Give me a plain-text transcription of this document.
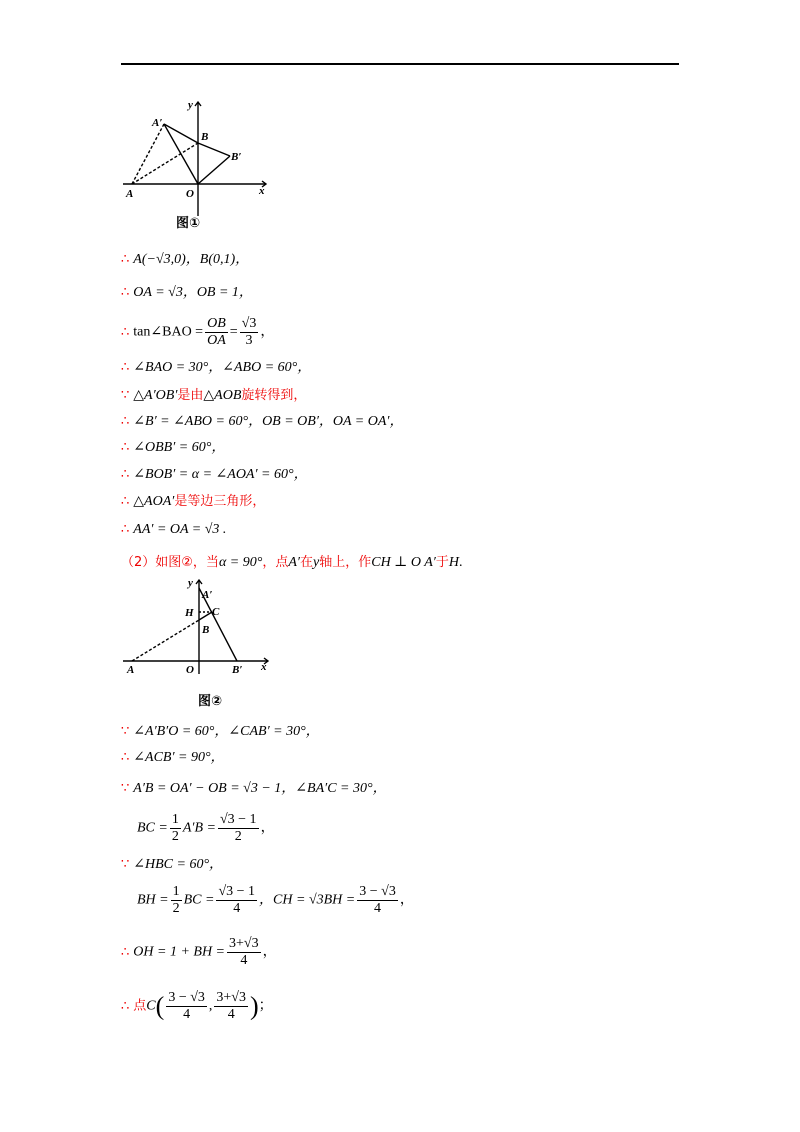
y
x
A	O
B
A′
B′
图①
∴ A(−√3,0)，B(0,1)，
∴ OA = √3，OB = 1，
∴ tan∠BAO = $\frac{OB}{OA} = \frac{√3}{3}$ ，
∴ ∠BAO = 30°，∠ABO = 60°，
∵ △A′OB′是由△AOB旋转得到，
∴ ∠B′ = ∠ABO = 60°，OB = OB′，OA = OA′，
∴ ∠OBB′ = 60°，
∴ ∠BOB′ = α = ∠AOA′ = 60°，
∴ △AOA′是等边三角形，
∴ AA′ = OA = √3 .
（2）如图②，当α = 90°，点A′在y轴上，作CH ⊥ O A′于H.
y
x
A	O
B
A′
B′
H C
图②
∵ ∠A′B′O = 60°，∠CAB′ = 30°，
∴ ∠ACB′ = 90°，
∵ A′B = OA′ − OB = √3 − 1，∠BA′C = 30°，
BC = $\frac{1}{2} A'B = \frac{√3 - 1}{2}$ ，
∵ ∠HBC = 60°，
BH = $\frac{1}{2}$ BC = $\frac{√3 - 1}{4}$ ，CH = $√3BH = \frac{3 - √3}{4}$ ，
∴ OH = 1 + BH = $\frac{3+√3}{4}$ ，
∴ 点$C( \frac{3 - √3}{4}$ , $\frac{3+√3}{4}$ )；
